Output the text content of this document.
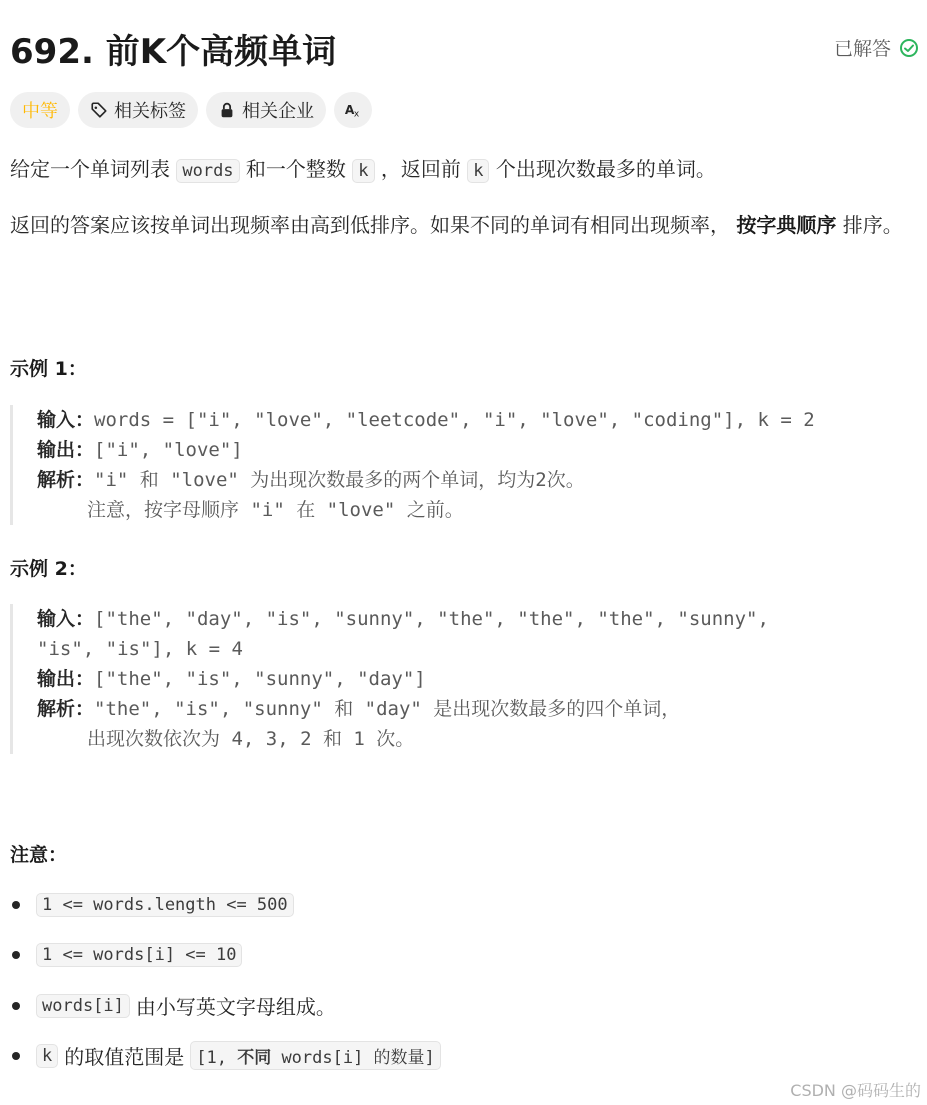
692. 前K个高频单词	已解答
中等	相关标签	相关企业 A x
给定一个单词列表 words 和一个整数 k ，返回前 k 个出现次数最多的单词。
返回的答案应该按单词出现频率由高到低排序。如果不同的单词有相同出现频率， 按字典顺序 排序。
示例 1：
输入：words = ["i", "love", "leetcode", "i", "love", "coding"], k = 2
输出：["i", "love"]
解析："i" 和 "love" 为出现次数最多的两个单词，均为2次。
注意，按字母顺序 "i" 在 "love" 之前。
示例 2：
输入：["the", "day", "is", "sunny", "the", "the", "the", "sunny",
"is", "is"], k = 4
输出：["the", "is", "sunny", "day"]
解析："the", "is", "sunny" 和 "day" 是出现次数最多的四个单词，
出现次数依次为 4, 3, 2 和 1 次。
注意：
1 <= words.length <= 500
1 <= words[i] <= 10
words[i] 由小写英文字母组成。
k 的取值范围是 [1, 不同 words[i] 的数量]
CSDN @码码生的
